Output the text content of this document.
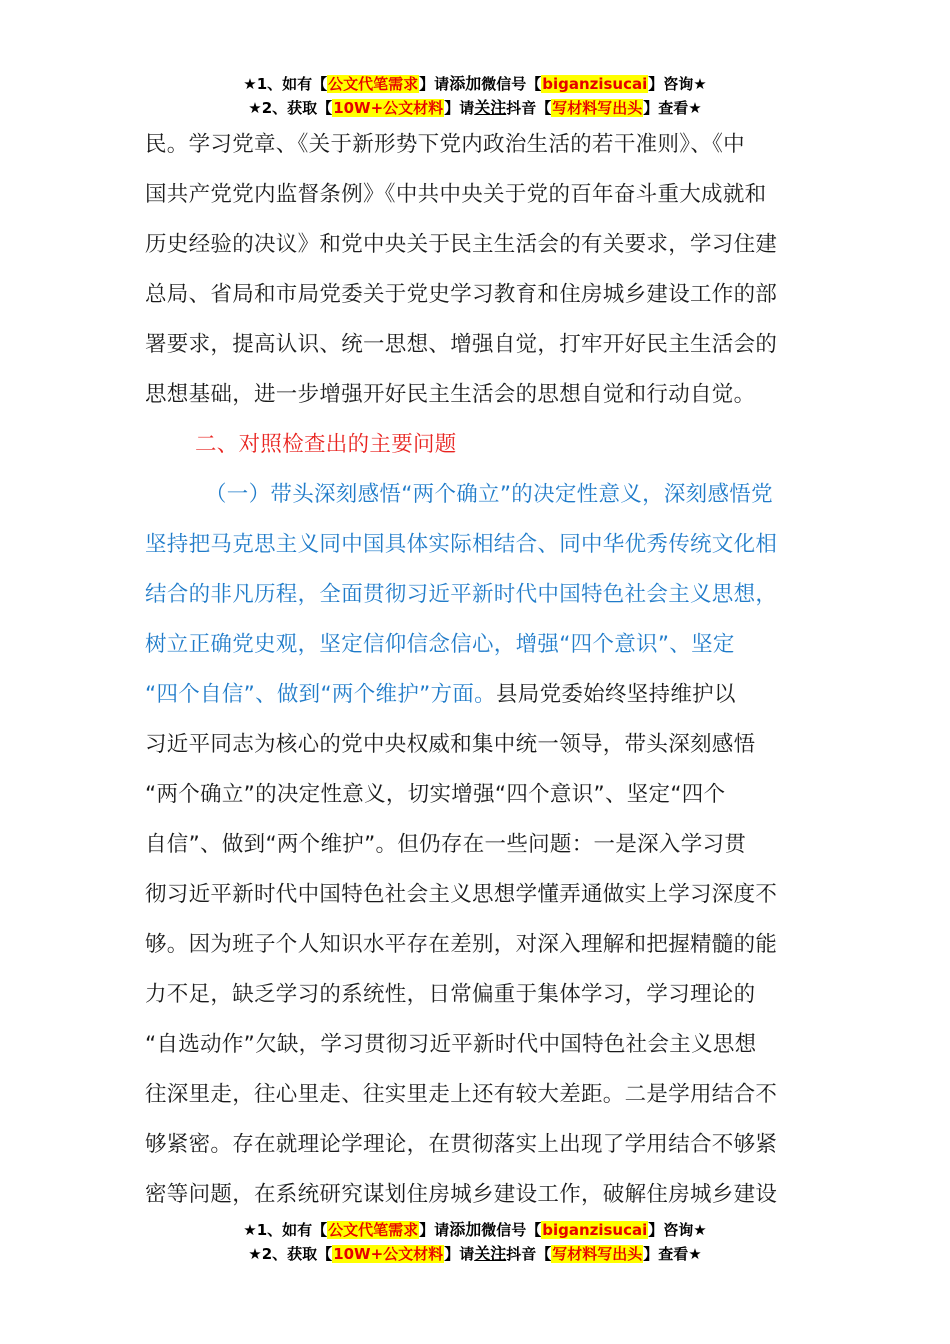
★1、如有【公文代笔需求】请添加微信号【biganzisucai】咨询★
★2、获取【10W+公文材料】请关注抖音【写材料写出头】查看★
民。学习党章、《关于新形势下党内政治生活的若干准则》、《中
国共产党党内监督条例》《中共中央关于党的百年奋斗重大成就和
历史经验的决议》和党中央关于民主生活会的有关要求，学习住建
总局、省局和市局党委关于党史学习教育和住房城乡建设工作的部
署要求，提高认识、统一思想、增强自觉，打牢开好民主生活会的
思想基础，进一步增强开好民主生活会的思想自觉和行动自觉。
二、对照检查出的主要问题
（一）带头深刻感悟“两个确立”的决定性意义，深刻感悟党
坚持把马克思主义同中国具体实际相结合、同中华优秀传统文化相
结合的非凡历程，全面贯彻习近平新时代中国特色社会主义思想，
树立正确党史观，坚定信仰信念信心，增强“四个意识”、坚定
“四个自信”、做到“两个维护”方面。县局党委始终坚持维护以
习近平同志为核心的党中央权威和集中统一领导，带头深刻感悟
“两个确立”的决定性意义，切实增强“四个意识”、坚定“四个
自信”、做到“两个维护”。但仍存在一些问题：一是深入学习贯
彻习近平新时代中国特色社会主义思想学懂弄通做实上学习深度不
够。因为班子个人知识水平存在差别，对深入理解和把握精髓的能
力不足，缺乏学习的系统性，日常偏重于集体学习，学习理论的
“自选动作”欠缺，学习贯彻习近平新时代中国特色社会主义思想
往深里走，往心里走、往实里走上还有较大差距。二是学用结合不
够紧密。存在就理论学理论，在贯彻落实上出现了学用结合不够紧
密等问题，在系统研究谋划住房城乡建设工作，破解住房城乡建设
★1、如有【公文代笔需求】请添加微信号【biganzisucai】咨询★
★2、获取【10W+公文材料】请关注抖音【写材料写出头】查看★
